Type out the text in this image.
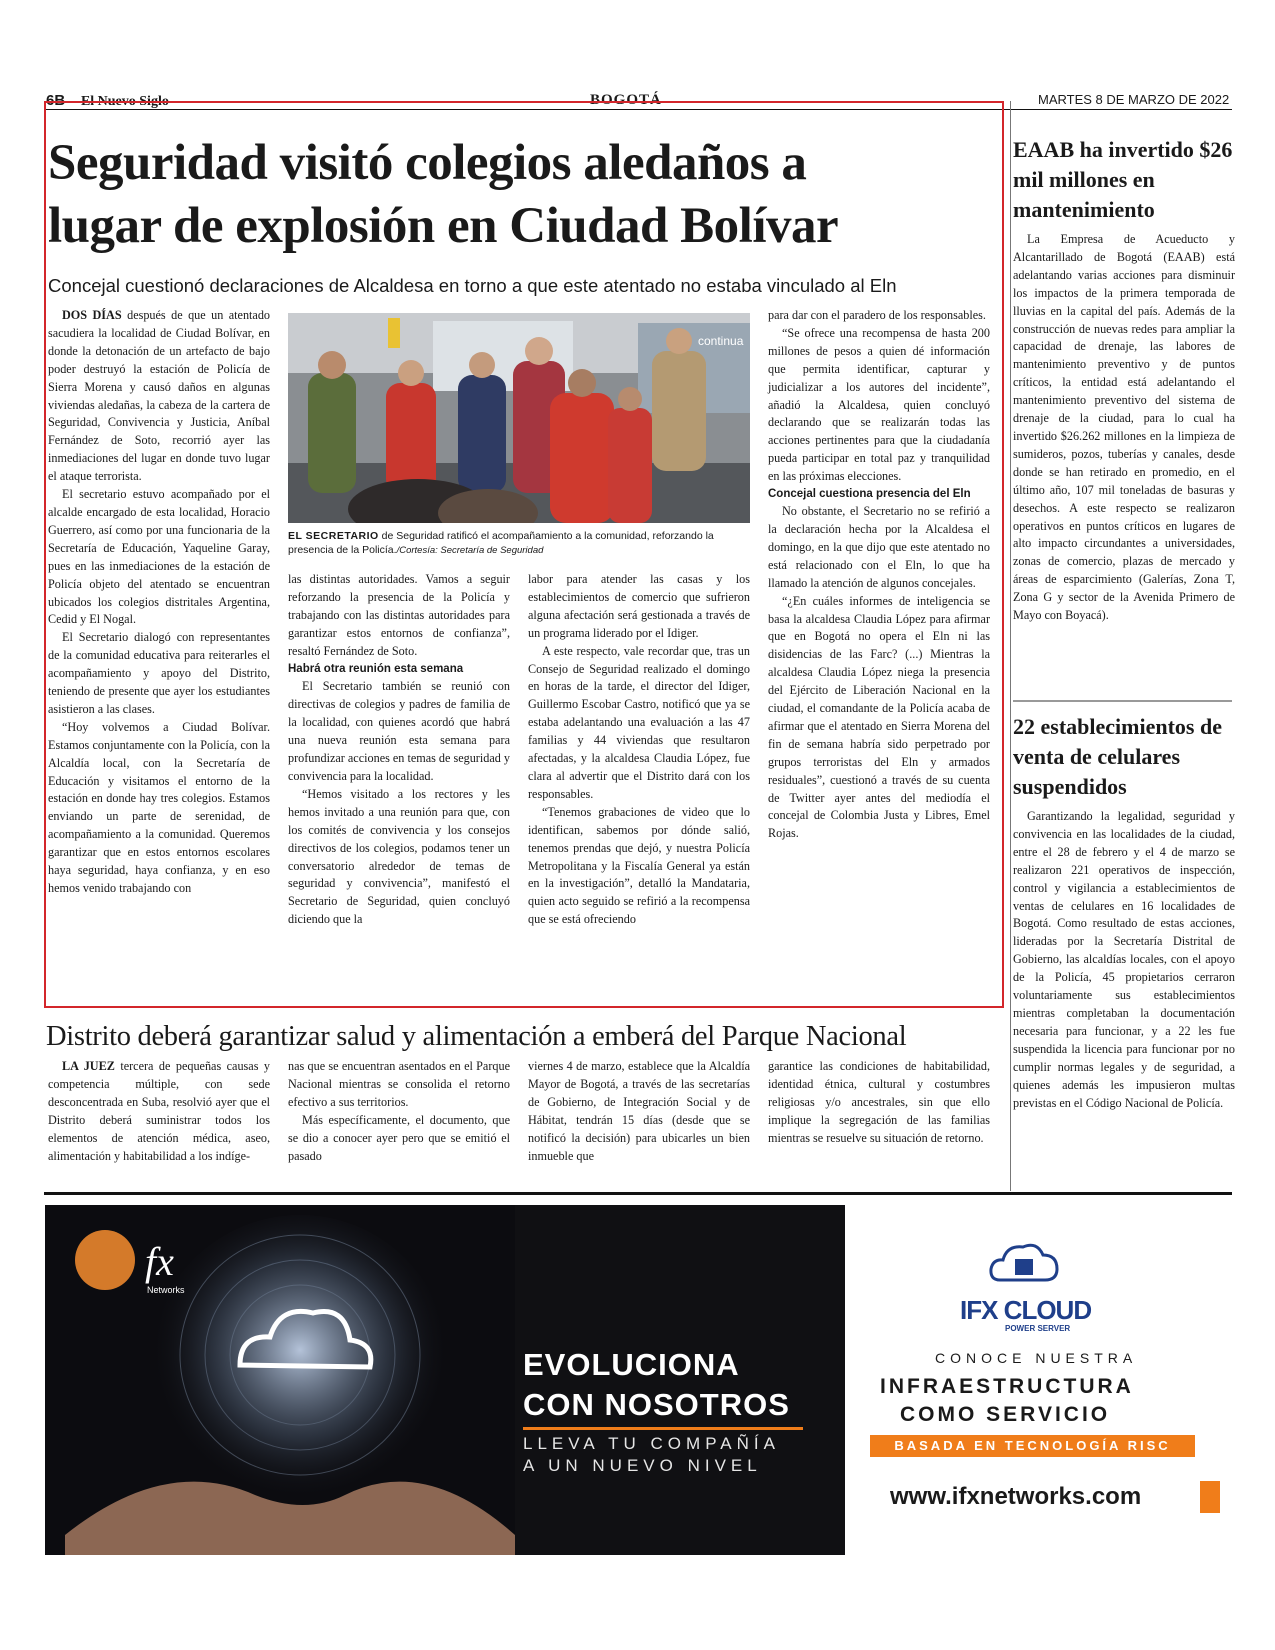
6B El Nuevo Siglo	BOGOTÁ	MARTES 8 DE MARZO DE 2022
Seguridad visitó colegios aledaños a
lugar de explosión en Ciudad Bolívar
Concejal cuestionó declaraciones de Alcaldesa en torno a que este atentado no estaba vinculado al Eln

DOS DÍAS después de que un atentado sacudiera la localidad de Ciudad Bolívar, en donde la detonación de un artefacto de bajo poder destruyó la estación de Policía de Sierra Morena y causó daños en algunas viviendas aledañas, la cabeza de la cartera de Seguridad, Convivencia y Justicia, Aníbal Fernández de Soto, recorrió ayer las inmediaciones del lugar en donde tuvo lugar el ataque terrorista.

El secretario estuvo acompañado por el alcalde encargado de esta localidad, Horacio Guerrero, así como por una funcionaria de la Secretaría de Educación, Yaqueline Garay, pues en las inmediaciones de la estación de Policía objeto del atentado se encuentran ubicados los colegios distritales Argentina, Cedid y El Nogal.

El Secretario dialogó con representantes de la comunidad educativa para reiterarles el acompañamiento y apoyo del Distrito, teniendo de presente que ayer los estudiantes asistieron a las clases.

“Hoy volvemos a Ciudad Bolívar. Estamos conjuntamente con la Policía, con la Alcaldía local, con la Secretaría de Educación y visitamos el entorno de la estación en donde hay tres colegios. Estamos enviando un parte de serenidad, de acompañamiento a la comunidad. Queremos garantizar que en estos entornos escolares haya seguridad, haya confianza, y en eso hemos venido trabajando con

continua
EL SECRETARIO de Seguridad ratificó el acompañamiento a la comunidad, reforzando la presencia de la Policía./Cortesía: Secretaría de Seguridad

las distintas autoridades. Vamos a seguir reforzando la presencia de la Policía y trabajando con las distintas autoridades para garantizar estos entornos de confianza”, resaltó Fernández de Soto.

Habrá otra reunión esta semana

El Secretario también se reunió con directivas de colegios y padres de familia de la localidad, con quienes acordó que habrá una nueva reunión esta semana para profundizar acciones en temas de seguridad y convivencia para la localidad.

“Hemos visitado a los rectores y les hemos invitado a una reunión para que, con los comités de convivencia y los consejos directivos de los colegios, podamos tener un conversatorio alrededor de temas de seguridad y convivencia”, manifestó el Secretario de Seguridad, quien concluyó diciendo que la

labor para atender las casas y los establecimientos de comercio que sufrieron alguna afectación será gestionada a través de un programa liderado por el Idiger.

A este respecto, vale recordar que, tras un Consejo de Seguridad realizado el domingo en horas de la tarde, el director del Idiger, Guillermo Escobar Castro, notificó que ya se estaba adelantando una evaluación a las 47 familias y 44 viviendas que resultaron afectadas, y la alcaldesa Claudia López, fue clara al advertir que el Distrito dará con los responsables.

“Tenemos grabaciones de video que lo identifican, sabemos por dónde salió, tenemos prendas que dejó, y nuestra Policía Metropolitana y la Fiscalía General ya están en la investigación”, detalló la Mandataria, quien acto seguido se refirió a la recompensa que se está ofreciendo

para dar con el paradero de los responsables.

“Se ofrece una recompensa de hasta 200 millones de pesos a quien dé información que permita identificar, capturar y judicializar a los autores del incidente”, añadió la Alcaldesa, quien concluyó declarando que se realizarán todas las acciones pertinentes para que la ciudadanía pueda participar en total paz y tranquilidad en las próximas elecciones.

Concejal cuestiona presencia del Eln

No obstante, el Secretario no se refirió a la declaración hecha por la Alcaldesa el domingo, en la que dijo que este atentado no está relacionado con el Eln, lo que ha llamado la atención de algunos concejales.

“¿En cuáles informes de inteligencia se basa la alcaldesa Claudia López para afirmar que en Bogotá no opera el Eln ni las disidencias de las Farc? (...) Mientras la alcaldesa Claudia López niega la presencia del Ejército de Liberación Nacional en la ciudad, el comandante de la Policía acaba de afirmar que el atentado en Sierra Morena del fin de semana habría sido perpetrado por grupos terroristas del Eln y armados residuales”, cuestionó a través de su cuenta de Twitter ayer antes del mediodía el concejal de Colombia Justa y Libres, Emel Rojas.

EAAB ha invertido $26 mil millones en mantenimiento

La Empresa de Acueducto y Alcantarillado de Bogotá (EAAB) está adelantando varias acciones para disminuir los impactos de la primera temporada de lluvias en la capital del país. Además de la construcción de nuevas redes para ampliar la capacidad de drenaje, las labores de mantenimiento preventivo y de puntos críticos, la entidad está adelantando el mantenimiento preventivo del sistema de drenaje de la ciudad, para lo cual ha invertido $26.262 millones en la limpieza de sumideros, pozos, tuberías y canales, desde donde se han retirado en promedio, en el último año, 107 mil toneladas de basuras y desechos. A este respecto se realizaron operativos en puntos críticos en lugares de alto impacto circundantes a universidades, zonas de comercio, plazas de mercado y áreas de esparcimiento (Galerías, Zona T, Zona G y sector de la Avenida Primero de Mayo con Boyacá).

22 establecimientos de venta de celulares suspendidos

Garantizando la legalidad, seguridad y convivencia en las localidades de la ciudad, entre el 28 de febrero y el 4 de marzo se realizaron 221 operativos de inspección, control y vigilancia a establecimientos de ventas de celulares en 16 localidades de Bogotá. Como resultado de estas acciones, lideradas por la Secretaría Distrital de Gobierno, las alcaldías locales, con el apoyo de la Policía, 45 propietarios cerraron voluntariamente sus establecimientos mientras completaban la documentación necesaria para funcionar, y a 22 les fue suspendida la licencia para funcionar por no cumplir normas legales y de seguridad, a quienes además les impusieron multas previstas en el Código Nacional de Policía.

Distrito deberá garantizar salud y alimentación a emberá del Parque Nacional

LA JUEZ tercera de pequeñas causas y competencia múltiple, con sede desconcentrada en Suba, resolvió ayer que el Distrito deberá suministrar todos los elementos de atención médica, aseo, alimentación y habitabilidad a los indíge-

nas que se encuentran asentados en el Parque Nacional mientras se consolida el retorno efectivo a sus territorios.

Más específicamente, el documento, que se dio a conocer ayer pero que se emitió el pasado

viernes 4 de marzo, establece que la Alcaldía Mayor de Bogotá, a través de las secretarías de Gobierno, de Integración Social y de Hábitat, tendrán 15 días (desde que se notificó la decisión) para ubicarles un bien inmueble que

garantice las condiciones de habitabilidad, identidad étnica, cultural y costumbres religiosas y/o ancestrales, sin que ello implique la segregación de las familias mientras se resuelve su situación de retorno.

fx
Networks
EVOLUCIONA
CON NOSOTROS
LLEVA TU COMPAÑÍA
A UN NUEVO NIVEL
IFX CLOUD
POWER SERVER
CONOCE NUESTRA
INFRAESTRUCTURA
COMO SERVICIO
BASADA EN TECNOLOGÍA RISC
www.ifxnetworks.com
